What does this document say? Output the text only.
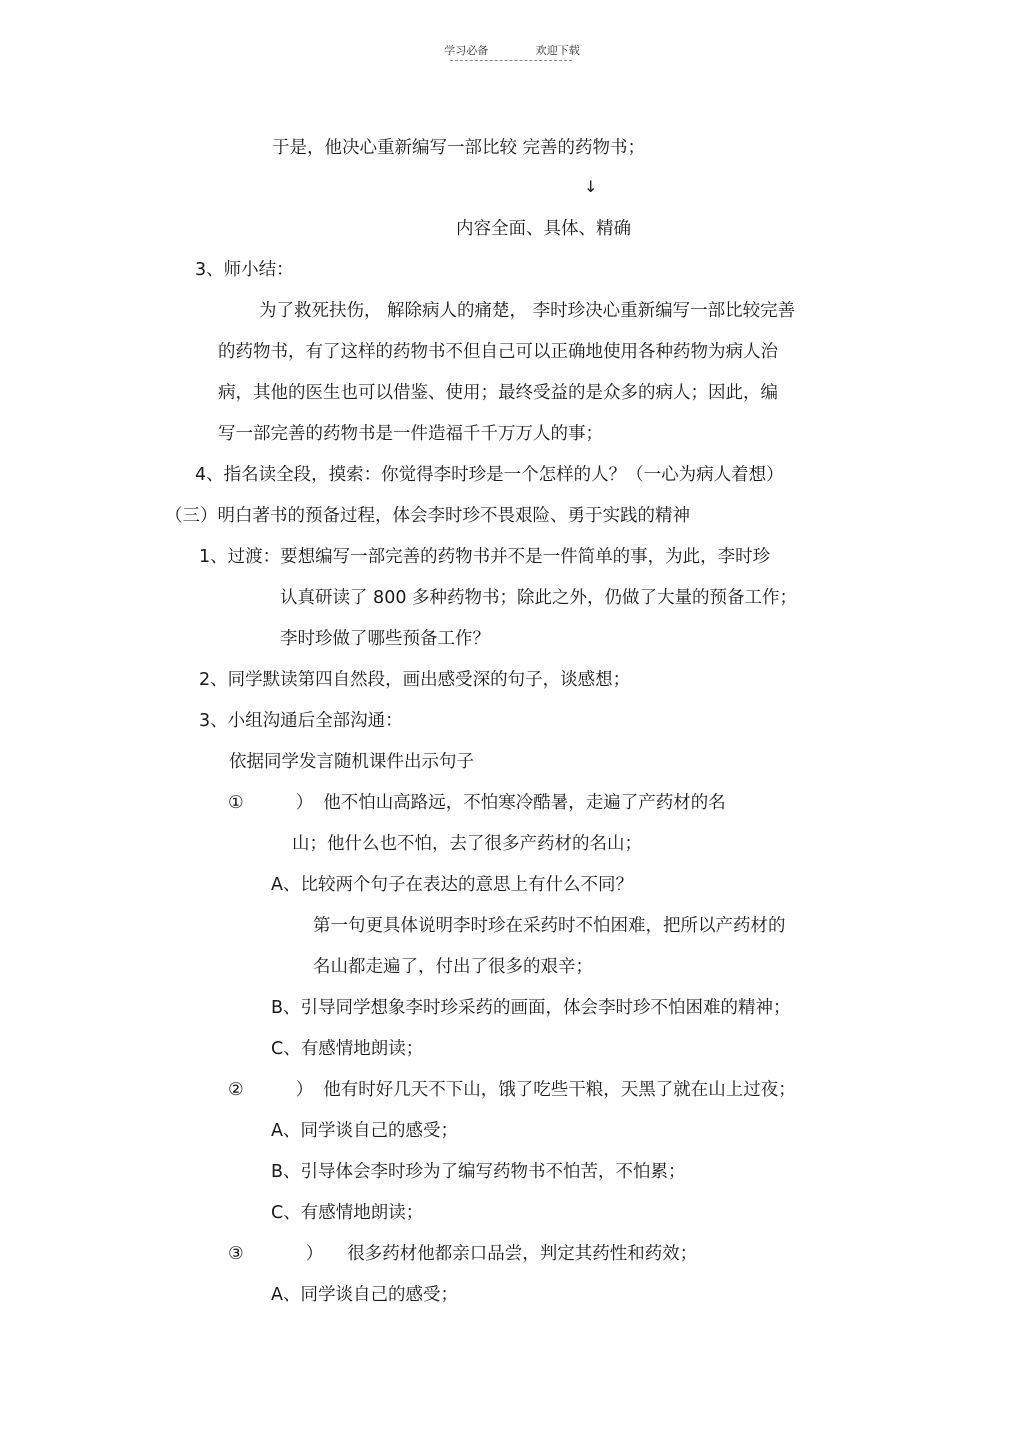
学习必备	欢迎下载
于是，他决心重新编写一部比较 完善的药物书；
↓
内容全面、具体、精确
3、师小结：
为了救死扶伤， 解除病人的痛楚， 李时珍决心重新编写一部比较完善
的药物书，有了这样的药物书不但自己可以正确地使用各种药物为病人治
病，其他的医生也可以借鉴、使用；最终受益的是众多的病人；因此，编
写一部完善的药物书是一件造福千千万万人的事；
4、指名读全段，摸索：你觉得李时珍是一个怎样的人？（一心为病人着想）
（三）明白著书的预备过程，体会李时珍不畏艰险、勇于实践的精神
1、过渡：要想编写一部完善的药物书并不是一件简单的事，为此，李时珍
认真研读了 800 多种药物书；除此之外，仍做了大量的预备工作；
李时珍做了哪些预备工作？
2、同学默读第四自然段，画出感受深的句子，谈感想；
3、小组沟通后全部沟通：
依据同学发言随机课件出示句子
①	） 他不怕山高路远，不怕寒冷酷暑，走遍了产药材的名
山；他什么也不怕，去了很多产药材的名山；
A、比较两个句子在表达的意思上有什么不同？
第一句更具体说明李时珍在采药时不怕困难，把所以产药材的
名山都走遍了，付出了很多的艰辛；
B、引导同学想象李时珍采药的画面，体会李时珍不怕困难的精神；
C、有感情地朗读；
②	） 他有时好几天不下山，饿了吃些干粮，天黑了就在山上过夜；
A、同学谈自己的感受；
B、引导体会李时珍为了编写药物书不怕苦，不怕累；
C、有感情地朗读；
③	） 很多药材他都亲口品尝，判定其药性和药效；
A、同学谈自己的感受；
